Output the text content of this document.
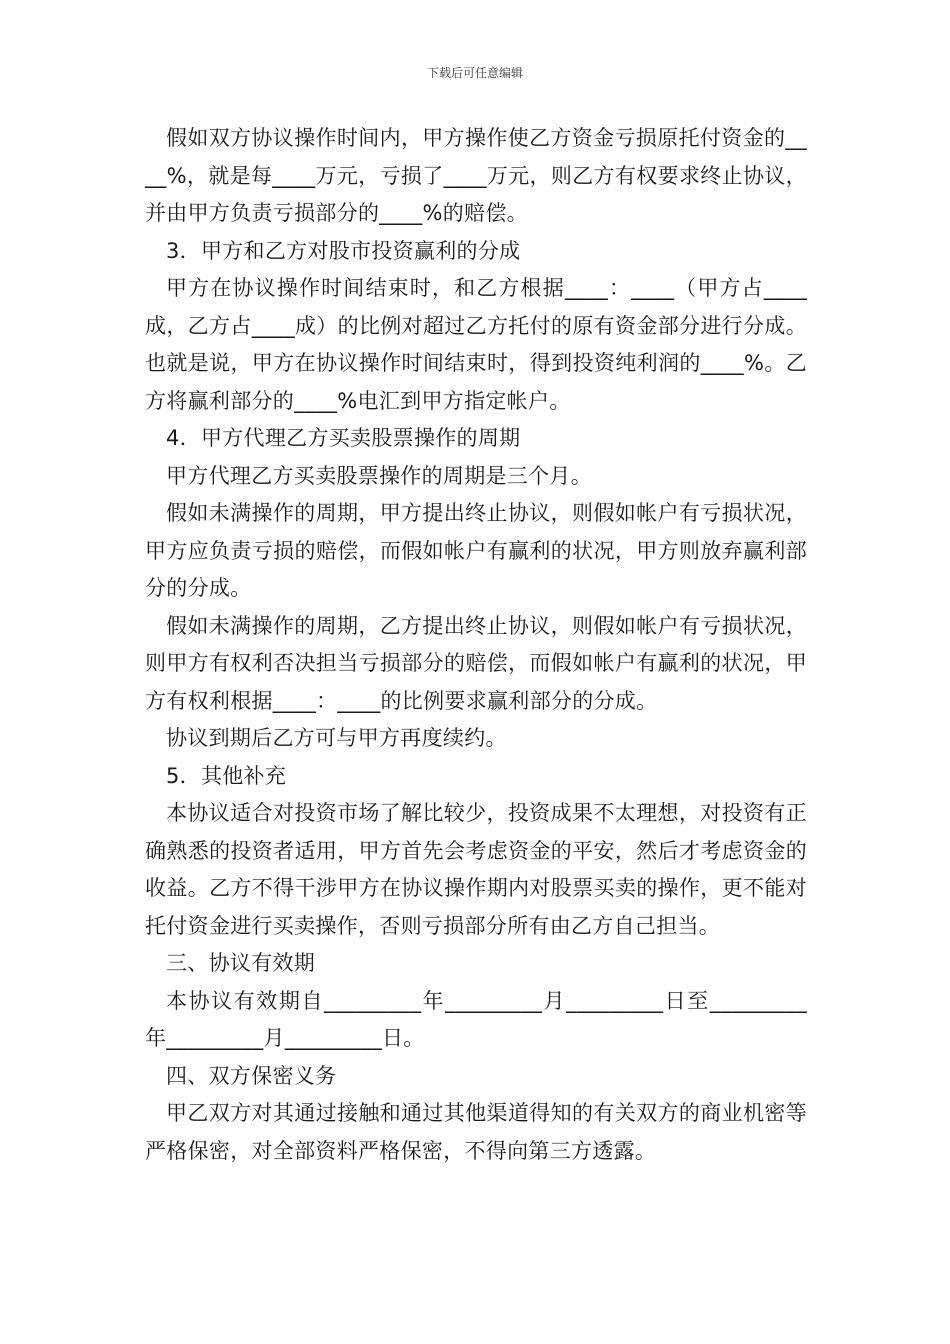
下载后可任意编辑

假如双方协议操作时间内，甲方操作使乙方资金亏损原托付资金的____%，就是每____万元，亏损了____万元，则乙方有权要求终止协议，并由甲方负责亏损部分的____%的赔偿。

3．甲方和乙方对股市投资赢利的分成

甲方在协议操作时间结束时，和乙方根据____：____（甲方占____成，乙方占____成）的比例对超过乙方托付的原有资金部分进行分成。也就是说，甲方在协议操作时间结束时，得到投资纯利润的____%。乙方将赢利部分的____%电汇到甲方指定帐户。

4．甲方代理乙方买卖股票操作的周期

甲方代理乙方买卖股票操作的周期是三个月。

假如未满操作的周期，甲方提出终止协议，则假如帐户有亏损状况，甲方应负责亏损的赔偿，而假如帐户有赢利的状况，甲方则放弃赢利部分的分成。

假如未满操作的周期，乙方提出终止协议，则假如帐户有亏损状况，则甲方有权利否决担当亏损部分的赔偿，而假如帐户有赢利的状况，甲方有权利根据____：____的比例要求赢利部分的分成。

协议到期后乙方可与甲方再度续约。

5．其他补充

本协议适合对投资市场了解比较少，投资成果不太理想，对投资有正确熟悉的投资者适用，甲方首先会考虑资金的平安，然后才考虑资金的收益。乙方不得干涉甲方在协议操作期内对股票买卖的操作，更不能对托付资金进行买卖操作，否则亏损部分所有由乙方自己担当。

三、协议有效期

本协议有效期自_________年_________月_________日至_________年_________月_________日。

四、双方保密义务

甲乙双方对其通过接触和通过其他渠道得知的有关双方的商业机密等严格保密，对全部资料严格保密，不得向第三方透露。
